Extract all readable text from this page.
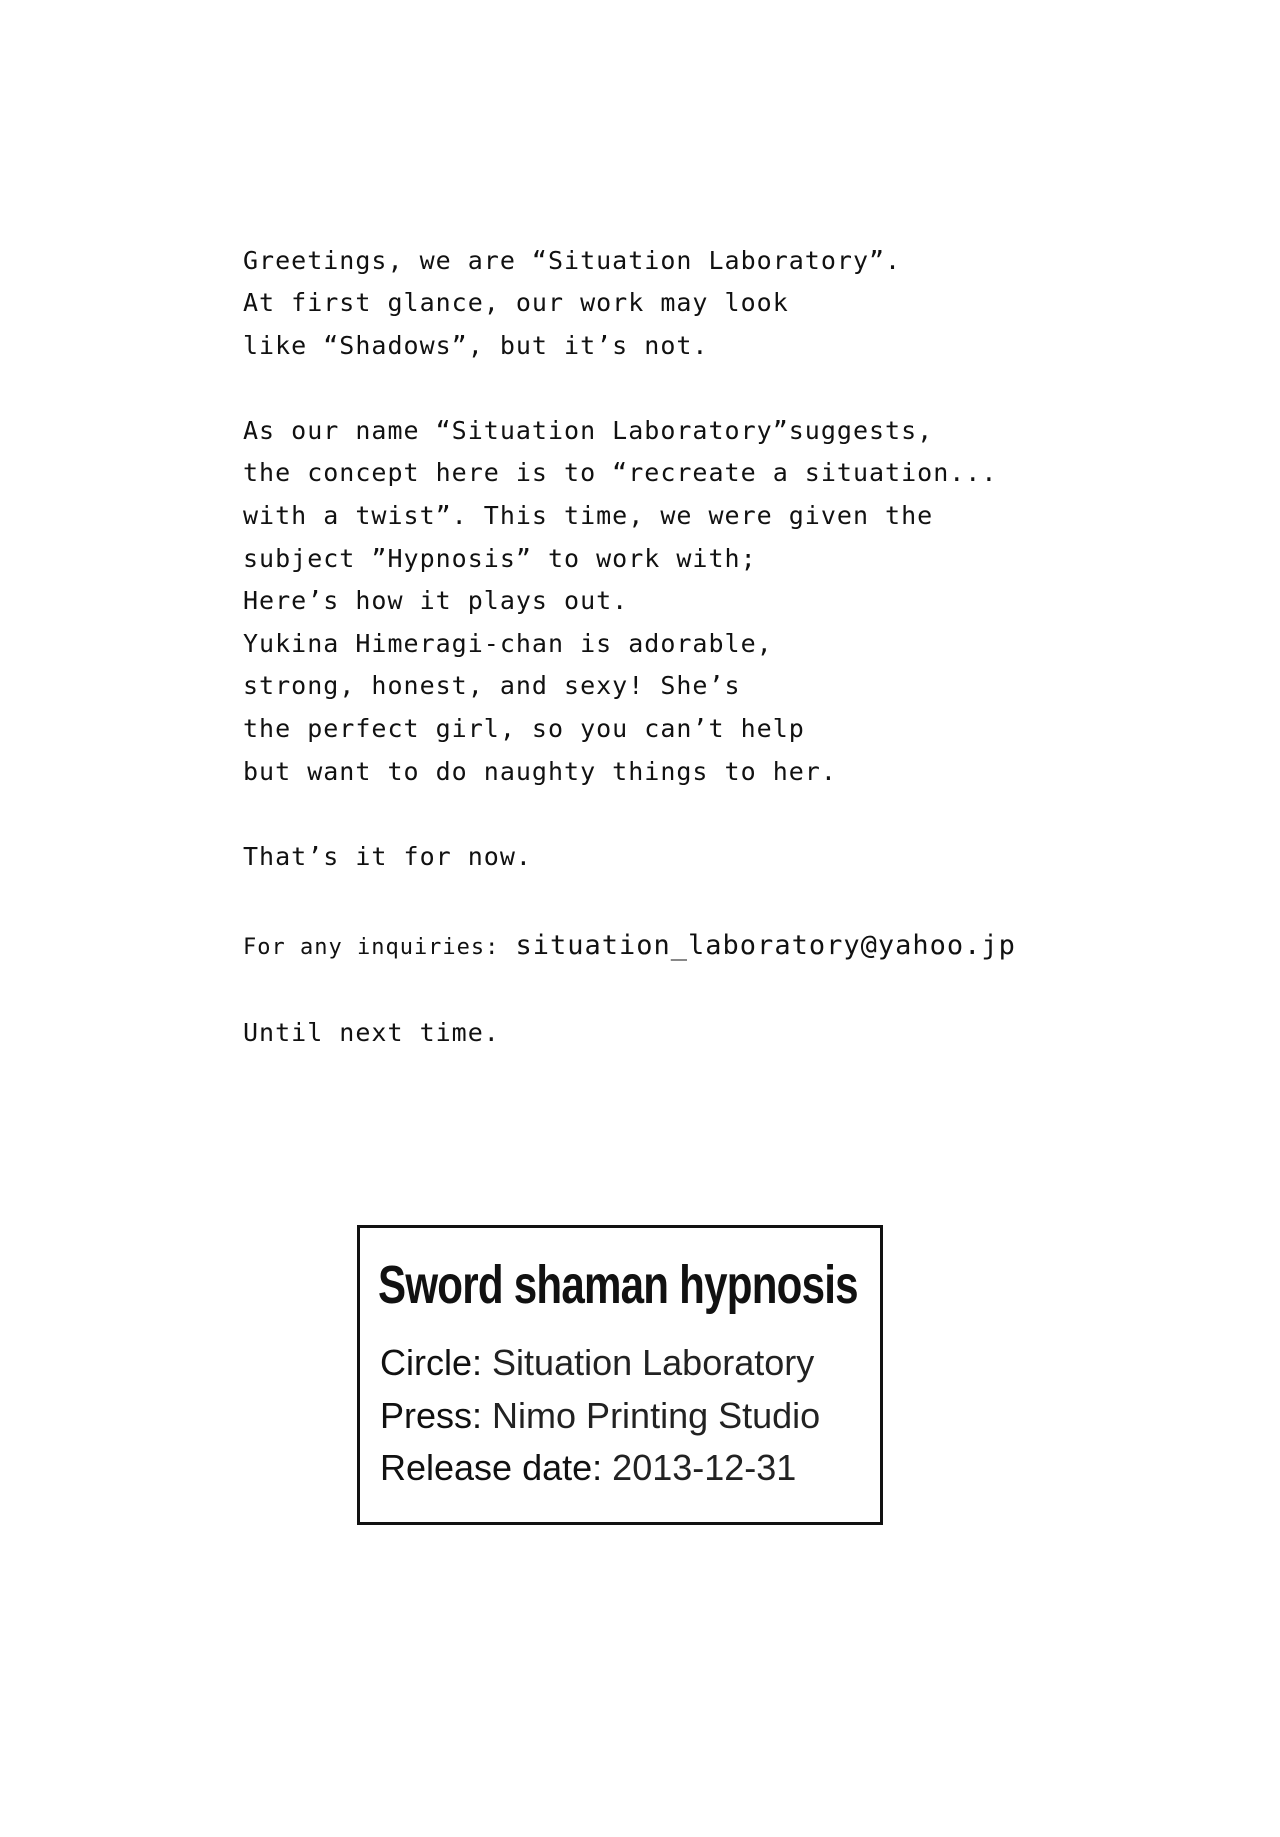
Greetings, we are “Situation Laboratory”.
At first glance, our work may look
like “Shadows”, but it’s not.
As our name “Situation Laboratory”suggests,
the concept here is to “recreate a situation...
with a twist”. This time, we were given the
subject ”Hypnosis” to work with;
Here’s how it plays out.
Yukina Himeragi-chan is adorable,
strong, honest, and sexy! She’s
the perfect girl, so you can’t help
but want to do naughty things to her.
That’s it for now.
For any inquiries: situation_laboratory@yahoo.jp
Until next time.
Sword shaman hypnosis
Circle: Situation Laboratory
Press: Nimo Printing Studio
Release date: 2013-12-31
